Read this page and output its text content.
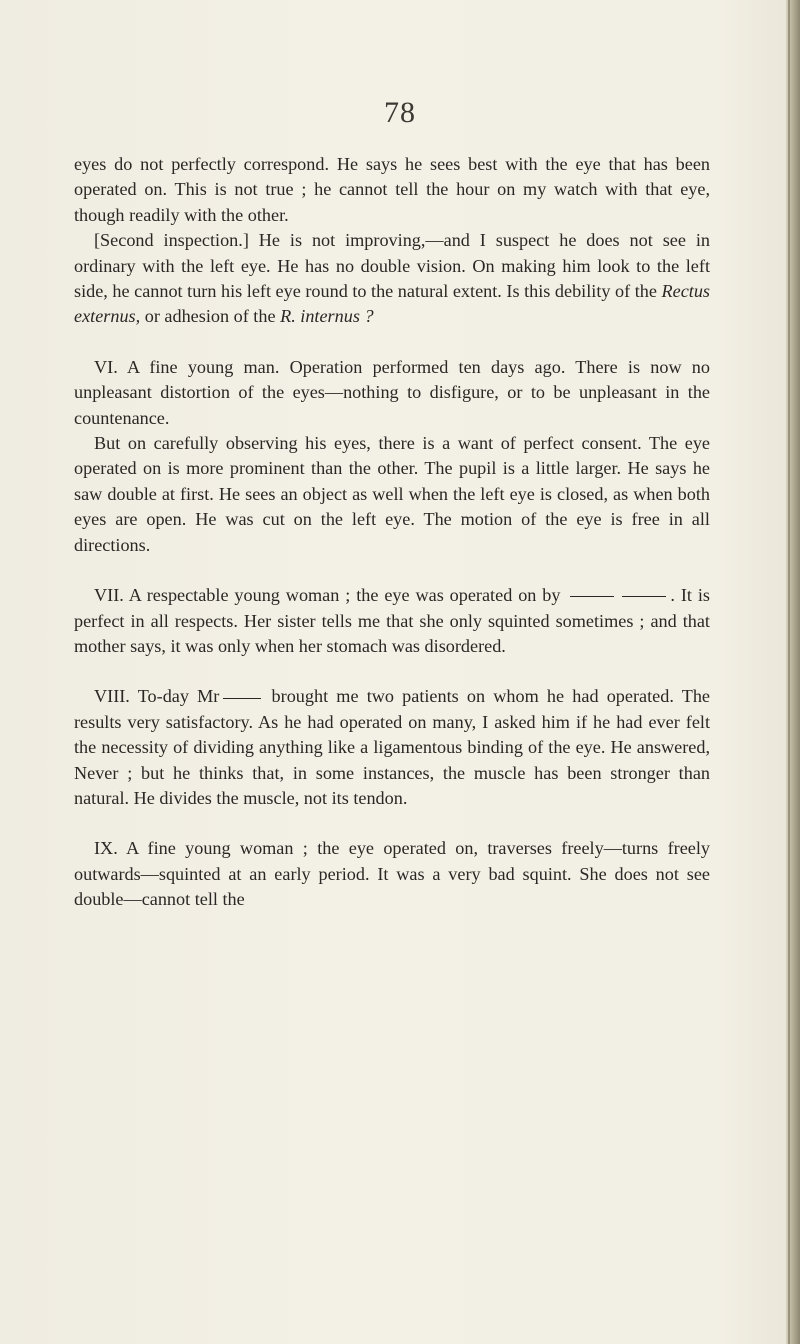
78

eyes do not perfectly correspond. He says he sees best with the eye that has been operated on. This is not true ; he cannot tell the hour on my watch with that eye, though readily with the other.

[Second inspection.] He is not improving,—and I suspect he does not see in ordinary with the left eye. He has no double vision. On making him look to the left side, he cannot turn his left eye round to the natural extent. Is this debility of the Rectus externus, or adhesion of the R. internus ?

VI. A fine young man. Operation performed ten days ago. There is now no unpleasant distortion of the eyes—nothing to disfigure, or to be unpleasant in the countenance.

But on carefully observing his eyes, there is a want of perfect consent. The eye operated on is more prominent than the other. The pupil is a little larger. He says he saw double at first. He sees an object as well when the left eye is closed, as when both eyes are open. He was cut on the left eye. The motion of the eye is free in all directions.

VII. A respectable young woman ; the eye was operated on by	. It is perfect in all respects. Her sister tells me that she only squinted sometimes ; and that mother says, it was only when her stomach was disordered.

VIII. To-day Mr	brought me two patients on whom he had operated. The results very satisfactory. As he had operated on many, I asked him if he had ever felt the necessity of dividing anything like a ligamentous binding of the eye. He answered, Never ; but he thinks that, in some instances, the muscle has been stronger than natural. He divides the muscle, not its tendon.

IX. A fine young woman ; the eye operated on, traverses freely—turns freely outwards—squinted at an early period. It was a very bad squint. She does not see double—cannot tell the
